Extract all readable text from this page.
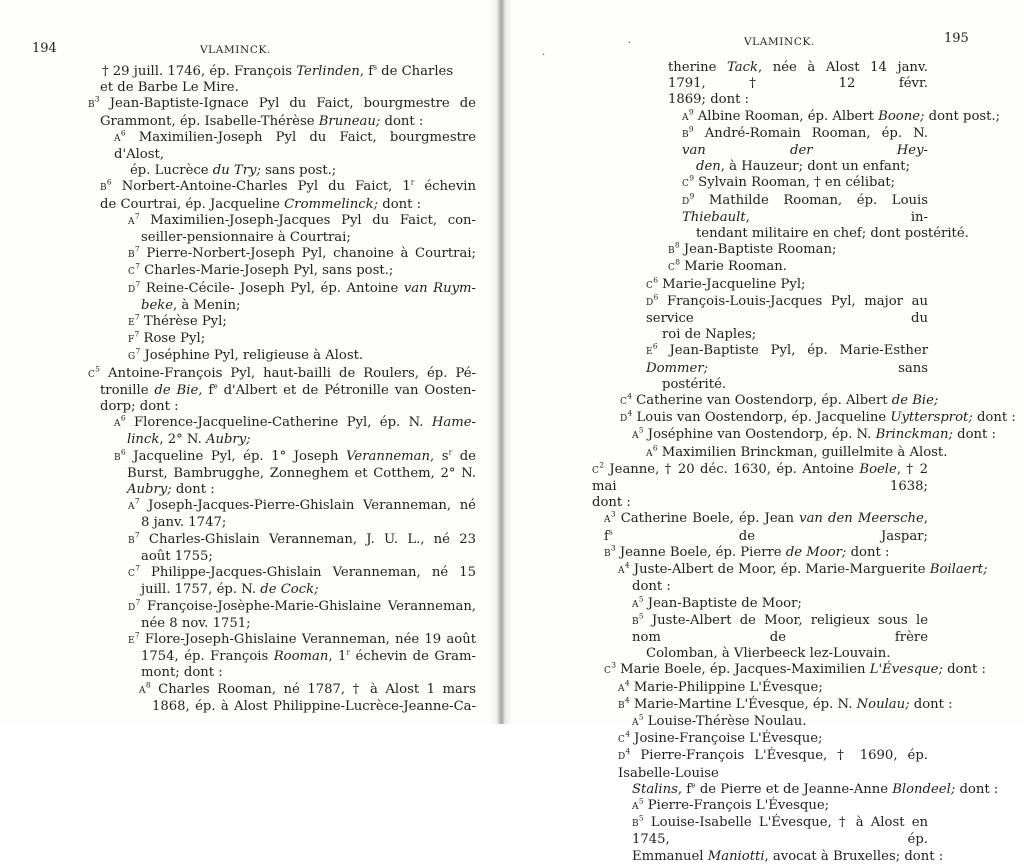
194	VLAMINCK.
† 29 juill. 1746, ép. François Terlinden, $f^s$ de Charles
et de Barbe Le Mire.
$B^3$ Jean-Baptiste-Ignace Pyl du Faict, bourgmestre de
Grammont, ép. Isabelle-Thérèse Bruneau; dont :
$A^6$ Maximilien-Joseph Pyl du Faict, bourgmestre d'Alost,
ép. Lucrèce du Try; sans post.;
$B^6$ Norbert-Antoine-Charles Pyl du Faict, 1$^r$ échevin
de Courtrai, ép. Jacqueline Crommelinck; dont :
$A^7$ Maximilien-Joseph-Jacques Pyl du Faict, con-
seiller-pensionnaire à Courtrai;
$B^7$ Pierre-Norbert-Joseph Pyl, chanoine à Courtrai;
$C^7$ Charles-Marie-Joseph Pyl, sans post.;
$D^7$ Reine-Cécile- Joseph Pyl, ép. Antoine van Ruym-
beke, à Menin;
$E^7$ Thérèse Pyl;
$F^7$ Rose Pyl;
$G^7$ Joséphine Pyl, religieuse à Alost.
$C^5$ Antoine-François Pyl, haut-bailli de Roulers, ép. Pé-
tronille de Bie, $f^e$ d'Albert et de Pétronille van Oosten-
dorp; dont :
$A^6$ Florence-Jacqueline-Catherine Pyl, ép. N. Hame-
linck, 2° N. Aubry;
$B^6$ Jacqueline Pyl, ép. 1° Joseph Veranneman, $s^r$ de
Burst, Bambrugghe, Zonneghem et Cotthem, 2° N.
Aubry; dont :
$A^7$ Joseph-Jacques-Pierre-Ghislain Veranneman, né
8 janv. 1747;
$B^7$ Charles-Ghislain Veranneman, J. U. L., né 23
août 1755;
$C^7$ Philippe-Jacques-Ghislain Veranneman, né 15
juill. 1757, ép. N. de Cock;
$D^7$ Françoise-Josèphe-Marie-Ghislaine Veranneman,
née 8 nov. 1751;
$E^7$ Flore-Joseph-Ghislaine Veranneman, née 19 août
1754, ép. François Rooman, 1$^r$ échevin de Gram-
mont; dont :
$A^8$ Charles Rooman, né 1787, † à Alost 1 mars
1868, ép. à Alost Philippine-Lucrèce-Jeanne-Ca-
·
·
195
VLAMINCK.
therine Tack, née à Alost 14 janv. 1791, † 12 févr.
1869; dont :
$A^9$ Albine Rooman, ép. Albert Boone; dont post.;
$B^9$ André-Romain Rooman, ép. N. van der Hey-
den, à Hauzeur; dont un enfant;
$C^9$ Sylvain Rooman, † en célibat;
$D^9$ Mathilde Rooman, ép. Louis Thiebault, in-
tendant militaire en chef; dont postérité.
$B^8$ Jean-Baptiste Rooman;
$C^8$ Marie Rooman.
$C^6$ Marie-Jacqueline Pyl;
$D^6$ François-Louis-Jacques Pyl, major au service du
roi de Naples;
$E^6$ Jean-Baptiste Pyl, ép. Marie-Esther Dommer; sans
postérité.
$C^4$ Catherine van Oostendorp, ép. Albert de Bie;
$D^4$ Louis van Oostendorp, ép. Jacqueline Uyttersprot; dont :
$A^5$ Joséphine van Oostendorp, ép. N. Brinckman; dont :
$A^6$ Maximilien Brinckman, guillelmite à Alost.
$C^2$ Jeanne, † 20 déc. 1630, ép. Antoine Boele, † 2 mai 1638;
dont :
$A^3$ Catherine Boele, ép. Jean van den Meersche, $f^s$ de Jaspar;
$B^3$ Jeanne Boele, ép. Pierre de Moor; dont :
$A^4$ Juste-Albert de Moor, ép. Marie-Marguerite Boilaert;
dont :
$A^5$ Jean-Baptiste de Moor;
$B^5$ Juste-Albert de Moor, religieux sous le nom de frère
Colomban, à Vlierbeeck lez-Louvain.
$C^3$ Marie Boele, ép. Jacques-Maximilien L'Évesque; dont :
$A^4$ Marie-Philippine L'Évesque;
$B^4$ Marie-Martine L'Évesque, ép. N. Noulau; dont :
$A^5$ Louise-Thérèse Noulau.
$C^4$ Josine-Françoise L'Évesque;
$D^4$ Pierre-François L'Évesque, † 1690, ép. Isabelle-Louise
Stalins, $f^e$ de Pierre et de Jeanne-Anne Blondeel; dont :
$A^5$ Pierre-François L'Évesque;
$B^5$ Louise-Isabelle L'Évesque, † à Alost en 1745, ép.
Emmanuel Maniotti, avocat à Bruxelles; dont :
